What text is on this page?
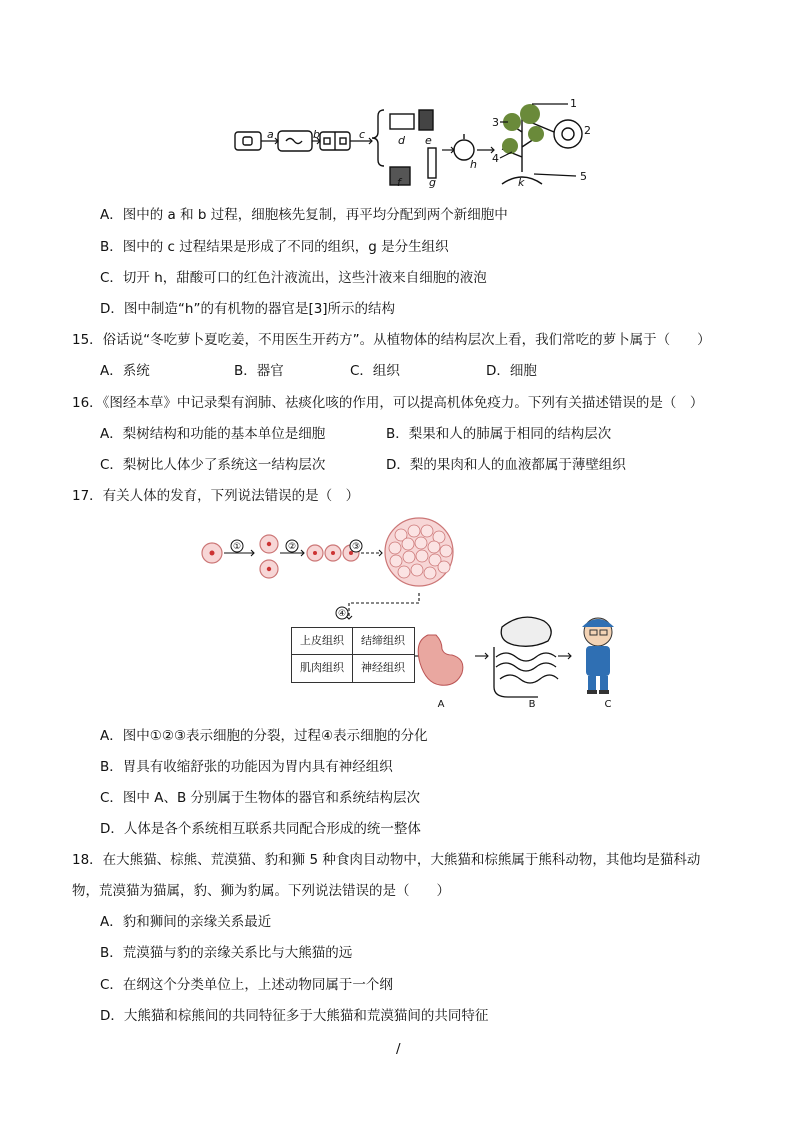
a	b	c	d e
f	g
h
k
1
2
3
4
5
A．图中的 a 和 b 过程，细胞核先复制，再平均分配到两个新细胞中
B．图中的 c 过程结果是形成了不同的组织，g 是分生组织
C．切开 h，甜酸可口的红色汁液流出，这些汁液来自细胞的液泡
D．图中制造“h”的有机物的器官是[3]所示的结构
15．俗话说“冬吃萝卜夏吃姜，不用医生开药方”。从植物体的结构层次上看，我们常吃的萝卜属于（　　）
A．系统	B．器官	C．组织	D．细胞
16．《图经本草》中记录梨有润肺、祛痰化咳的作用，可以提高机体免疫力。下列有关描述错误的是（　）
A．梨树结构和功能的基本单位是细胞	B．梨果和人的肺属于相同的结构层次
C．梨树比人体少了系统这一结构层次	D．梨的果肉和人的血液都属于薄壁组织
17．有关人体的发育，下列说法错误的是（　）
①	②	③
④
A	B	C
上皮组织	结缔组织
肌肉组织	神经组织
A．图中①②③表示细胞的分裂，过程④表示细胞的分化
B．胃具有收缩舒张的功能因为胃内具有神经组织
C．图中 A、B 分别属于生物体的器官和系统结构层次
D．人体是各个系统相互联系共同配合形成的统一整体
18．在大熊猫、棕熊、荒漠猫、豹和狮 5 种食肉目动物中，大熊猫和棕熊属于熊科动物，其他均是猫科动
物，荒漠猫为猫属，豹、狮为豹属。下列说法错误的是（　　）
A．豹和狮间的亲缘关系最近
B．荒漠猫与豹的亲缘关系比与大熊猫的远
C．在纲这个分类单位上，上述动物同属于一个纲
D．大熊猫和棕熊间的共同特征多于大熊猫和荒漠猫间的共同特征
/
